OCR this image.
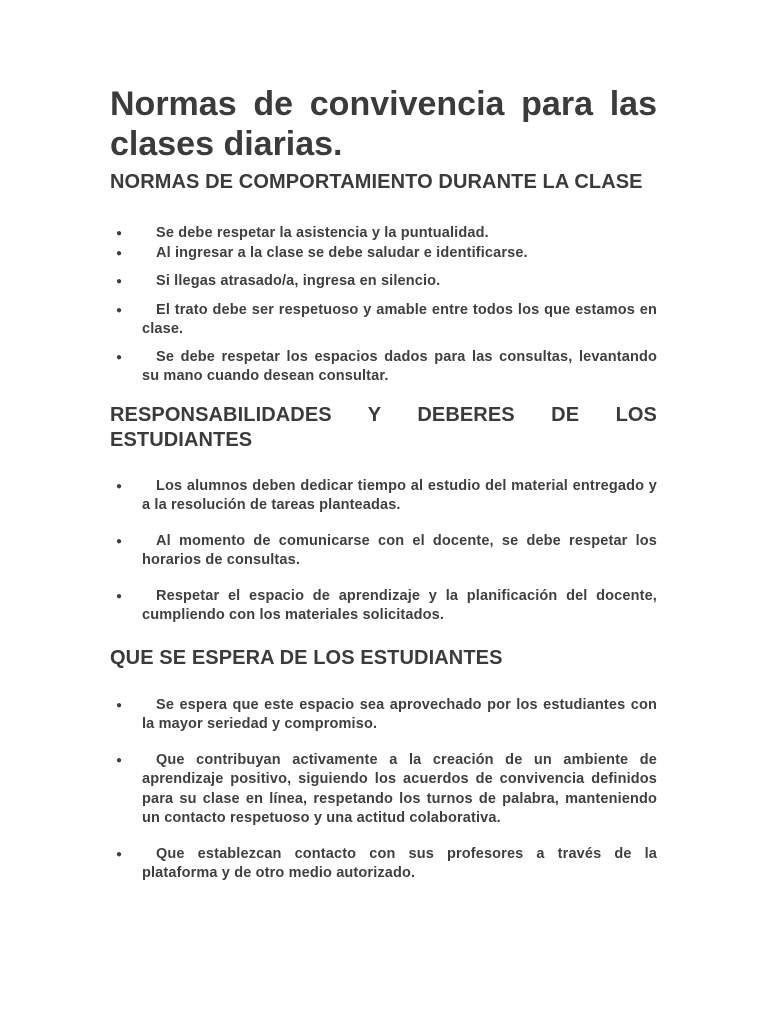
Normas de convivencia para las clases diarias.
NORMAS DE COMPORTAMIENTO DURANTE LA CLASE
●	Se debe respetar la asistencia y la puntualidad.
●	Al ingresar a la clase se debe saludar e identificarse.
●	Si llegas atrasado/a, ingresa en silencio.
●	El trato debe ser respetuoso y amable entre todos los que estamos en clase.
●	Se debe respetar los espacios dados para las consultas, levantando su mano cuando desean consultar.
RESPONSABILIDADES Y DEBERES DE LOS ESTUDIANTES
●	Los alumnos deben dedicar tiempo al estudio del material entregado y a la resolución de tareas planteadas.
●	Al momento de comunicarse con el docente, se debe respetar los horarios de consultas.
●	Respetar el espacio de aprendizaje y la planificación del docente, cumpliendo con los materiales solicitados.
QUE SE ESPERA DE LOS ESTUDIANTES
●	Se espera que este espacio sea aprovechado por los estudiantes con la mayor seriedad y compromiso.
●	Que contribuyan activamente a la creación de un ambiente de aprendizaje positivo, siguiendo los acuerdos de convivencia definidos para su clase en línea, respetando los turnos de palabra, manteniendo un contacto respetuoso y una actitud colaborativa.
●	Que establezcan contacto con sus profesores a través de la plataforma y de otro medio autorizado.
